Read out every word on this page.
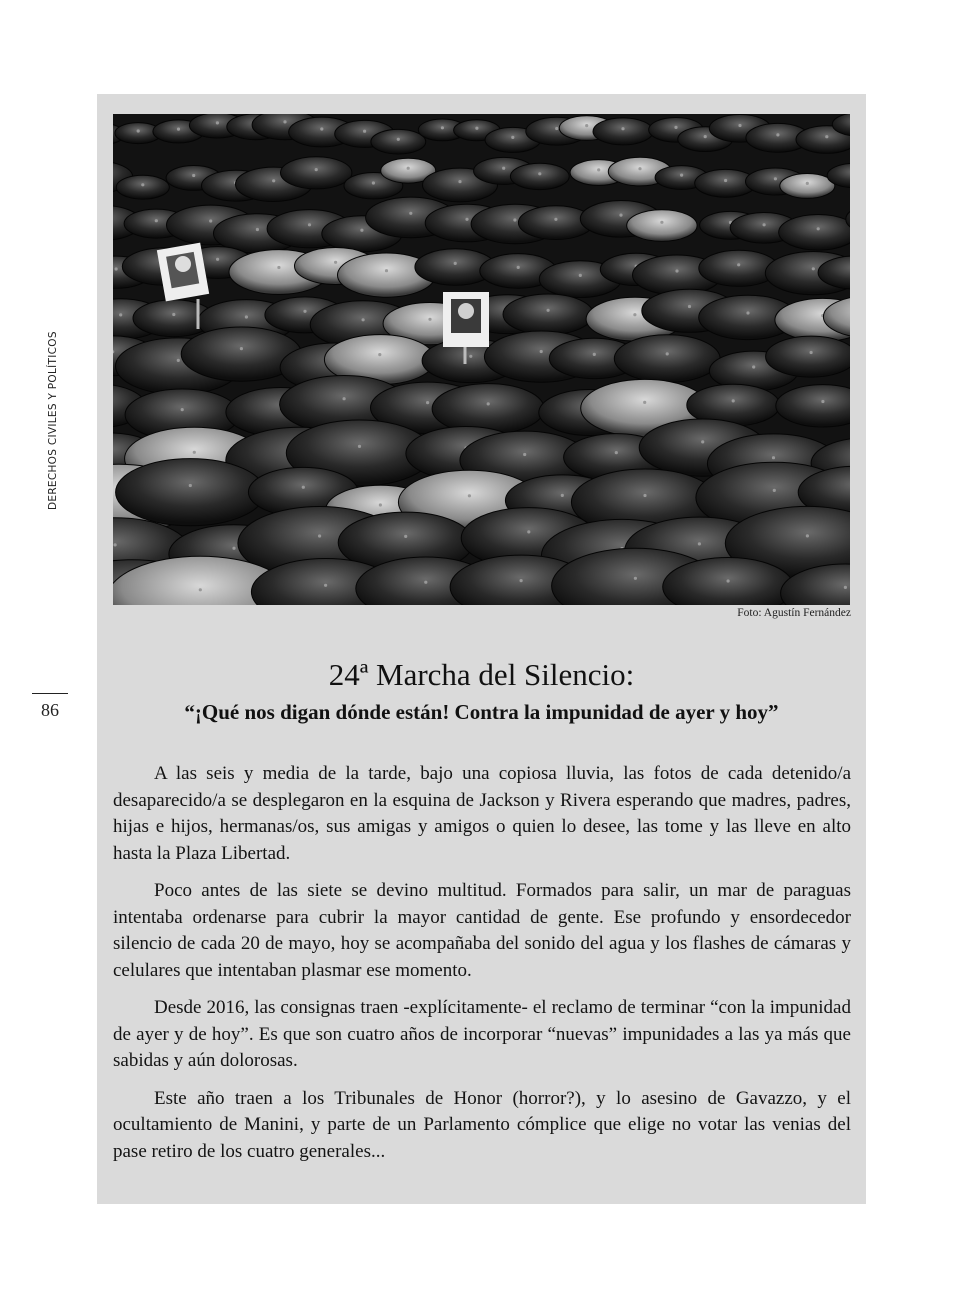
DERECHOS CIVILES Y POLÍTICOS
86
Foto: Agustín Fernández
24ª Marcha del Silencio:
“¡Qué nos digan dónde están! Contra la impunidad de ayer y hoy”

A las seis y media de la tarde, bajo una copiosa lluvia, las fotos de cada detenido/a desaparecido/a se desplegaron en la esquina de Jackson y Rivera esperando que madres, padres, hijas e hijos, hermanas/os, sus amigas y amigos o quien lo desee, las tome y las lleve en alto hasta la Plaza Libertad.

Poco antes de las siete se devino multitud. Formados para salir, un mar de paraguas intentaba ordenarse para cubrir la mayor cantidad de gente. Ese profundo y ensordecedor silencio de cada 20 de mayo, hoy se acompañaba del sonido del agua y los flashes de cámaras y celulares que intentaban plasmar ese momento.

Desde 2016, las consignas traen -explícitamente- el reclamo de terminar “con la impunidad de ayer y de hoy”. Es que son cuatro años de incorporar “nuevas” impunidades a las ya más que sabidas y aún dolorosas.

Este año traen a los Tribunales de Honor (horror?), y lo asesino de Gavazzo, y el ocultamiento de Manini, y parte de un Parlamento cómplice que elige no votar las venias del pase retiro de los cuatro generales...
